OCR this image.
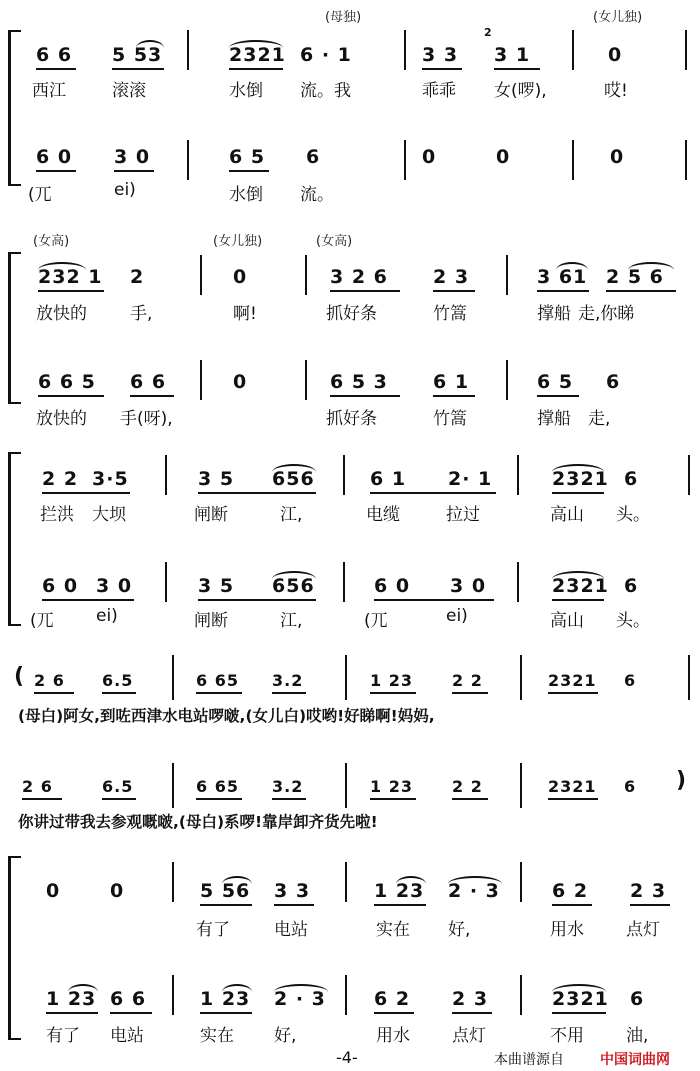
(母独)	(女儿独)
(女高)	(女儿独)	(女高)
6 6 5 53	2321 6 · 1	3 3
2
3 1	0
西江	滚滚	水倒 流。我	乖乖 女(啰),	哎!
6 0 3 0	6 5 6	0	0	0
(兀	ei)	水倒 流。
232 1 2	0	3 2 6 2 3	3 61 2 5 6
放快的	手,	啊!	抓好条	竹篙	撑船 走,你睇
6 6 5 6 6	0	6 5 3 6 1	6 5 6
放快的 手(呀),	抓好条	竹篙	撑船 走,
2 2 3·5	3 5 656	6 1 2· 1	2321 6
拦洪 大坝	闸断	江,	电缆	拉过	高山 头。
6 0 3 0	3 5 656	6 0 3 0	2321 6
(兀 ei)	闸断	江,	(兀	ei)	高山 头。
( 2 6 6.5	6 65 3.2	1 23 2 2	2321 6
(母白)阿女,到咗西津水电站啰啵,(女儿白)哎哟!好睇啊!妈妈,
2 6	6.5	6 65 3.2	1 23 2 2	2321 6 )
你讲过带我去参观嘅啵,(母白)系啰!靠岸卸齐货先啦!
0	0	5 56 3 3	1 23 2 · 3	6 2 2 3
有了	电站	实在 好,	用水 点灯
1 23 6 6	1 23 2 · 3	6 2 2 3	2321 6
有了 电站	实在 好,	用水 点灯	不用 油,
-4-	本曲谱源自	中国词曲网
